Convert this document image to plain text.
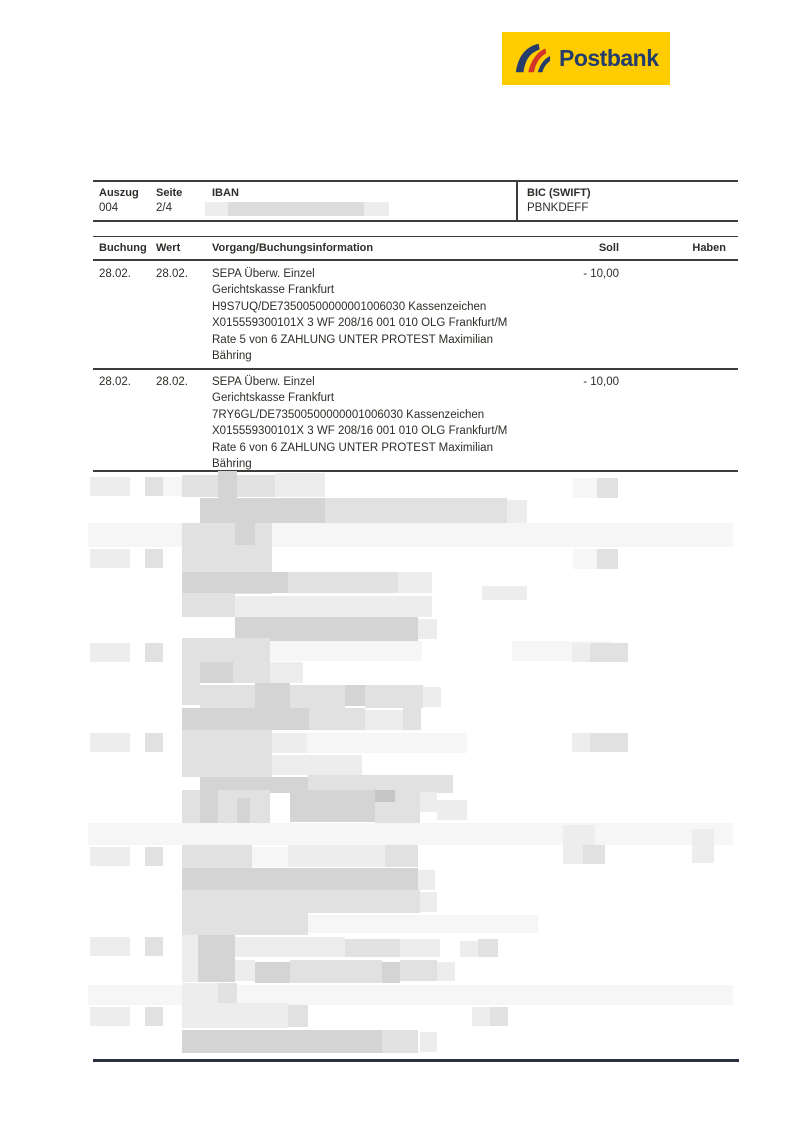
Postbank
Auszug Seite	IBAN	BIC (SWIFT)
004	2/4	PBNKDEFF
Buchung Wert	Vorgang/Buchungsinformation	Soll	Haben
28.02. 28.02. SEPA Überw. Einzel
Gerichtskasse Frankfurt
H9S7UQ/DE73500500000001006030 Kassenzeichen
X015559300101X 3 WF 208/16 001 010 OLG Frankfurt/M
Rate 5 von 6 ZAHLUNG UNTER PROTEST Maximilian
Bähring
- 10,00
28.02. 28.02. SEPA Überw. Einzel
Gerichtskasse Frankfurt
7RY6GL/DE73500500000001006030 Kassenzeichen
X015559300101X 3 WF 208/16 001 010 OLG Frankfurt/M
Rate 6 von 6 ZAHLUNG UNTER PROTEST Maximilian
Bähring
- 10,00
